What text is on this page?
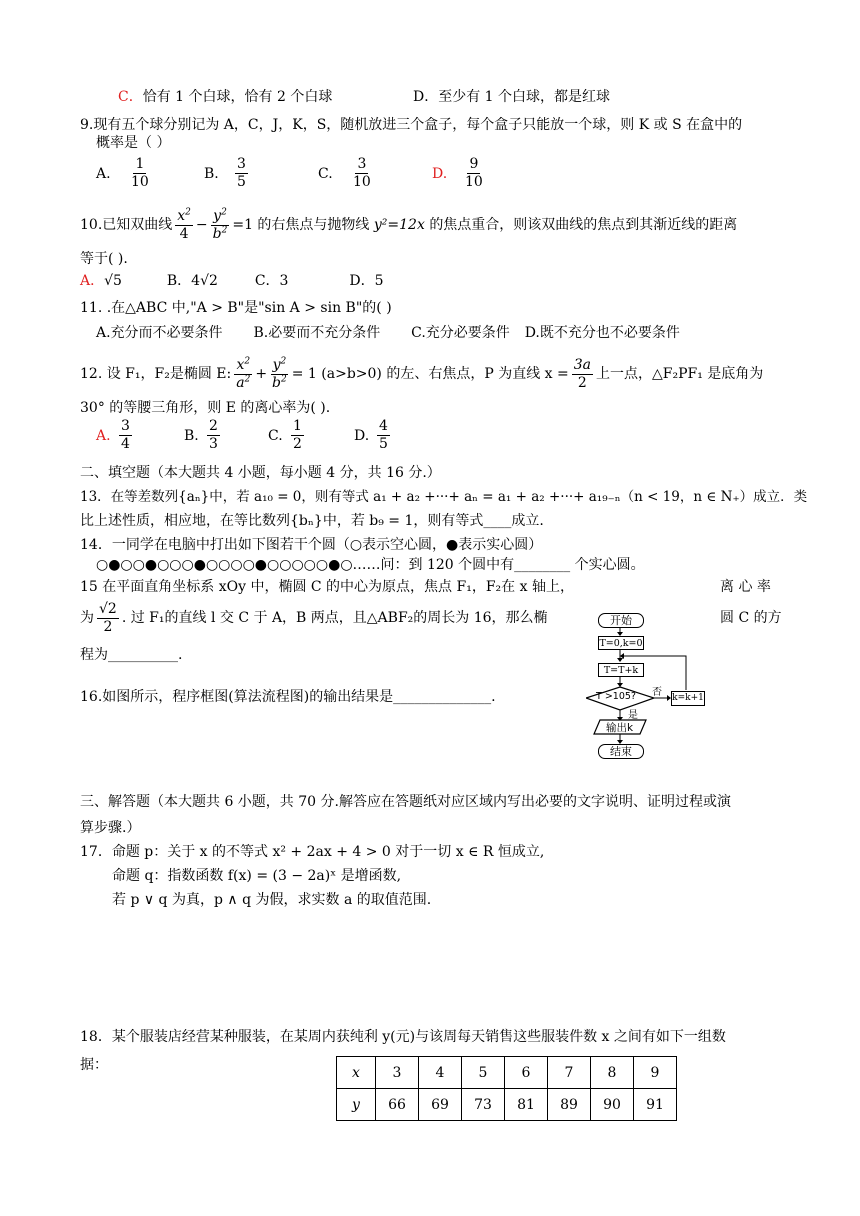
C．恰有 1 个白球，恰有 2 个白球	D．至少有 1 个白球，都是红球
9.现有五个球分别记为 A，C，J，K，S，随机放进三个盒子，每个盒子只能放一个球，则 K 或 S 在盒中的
概率是（ ）
A. $\frac{1}{10}$	B. $\frac{3}{5}$	C. $\frac{3}{10}$	D. $\frac{9}{10}$
10.已知双曲线 $\frac{x^2}{4} - \frac{y^2}{b^2} =1$ 的右焦点与抛物线 y²=12x 的焦点重合，则该双曲线的焦点到其渐近线的距离
等于( ).
A．√5	B．4√2	C．3	D．5
11. .在△ABC 中,"A > B"是"sin A > sin B"的( )
A.充分而不必要条件 B.必要而不充分条件 C.充分必要条件 D.既不充分也不必要条件
12. 设 F₁，F₂是椭圆 E: $\frac{x^2}{a^2} + \frac{y^2}{b^2} = 1$ (a>b>0) 的左、右焦点，P 为直线 $x = \frac{3a}{2}$ 上一点，△F₂PF₁ 是底角为
30° 的等腰三角形，则 E 的离心率为( ).
A. $\frac{3}{4}$	B. $\frac{2}{3}$	C. $\frac{1}{2}$	D. $\frac{4}{5}$
二、填空题（本大题共 4 小题，每小题 4 分，共 16 分.）
13．在等差数列{aₙ}中，若 a₁₀ = 0，则有等式 a₁ + a₂ +···+ aₙ = a₁ + a₂ +···+ a₁₉₋ₙ（n < 19，n ∈ N₊）成立．类
比上述性质，相应地，在等比数列{bₙ}中，若 b₉ = 1，则有等式____成立.
14．一同学在电脑中打出如下图若干个圆（○表示空心圆，●表示实心圆）
○●○○●○○○●○○○○●○○○○○●○……问：到 120 个圆中有________ 个实心圆。
15 在平面直角坐标系 xOy 中，椭圆 C 的中心为原点，焦点 F₁，F₂在 x 轴上，	离 心 率
为 $\frac{√2}{2}$ . 过 F₁的直线 l 交 C 于 A，B 两点，且△ABF₂的周长为 16，那么椭	圆 C 的方
程为__________.
16.如图所示，程序框图(算法流程图)的输出结果是______________.
开始
T=0,k=0
T=T+k
T >105? 否
是
k=k+1
输出k
结束
三、解答题（本大题共 6 小题，共 70 分.解答应在答题纸对应区域内写出必要的文字说明、证明过程或演
算步骤.）
17．命题 p：关于 x 的不等式 x² + 2ax + 4 > 0 对于一切 x ∈ R 恒成立,
命题 q：指数函数 f(x) = (3 − 2a)ˣ 是增函数,
若 p ∨ q 为真，p ∧ q 为假，求实数 a 的取值范围.
18．某个服装店经营某种服装，在某周内获纯利 y(元)与该周每天销售这些服装件数 x 之间有如下一组数
据：	x	3	4	5	6	7	8	9
y	66	69	73	81	89	90	91
